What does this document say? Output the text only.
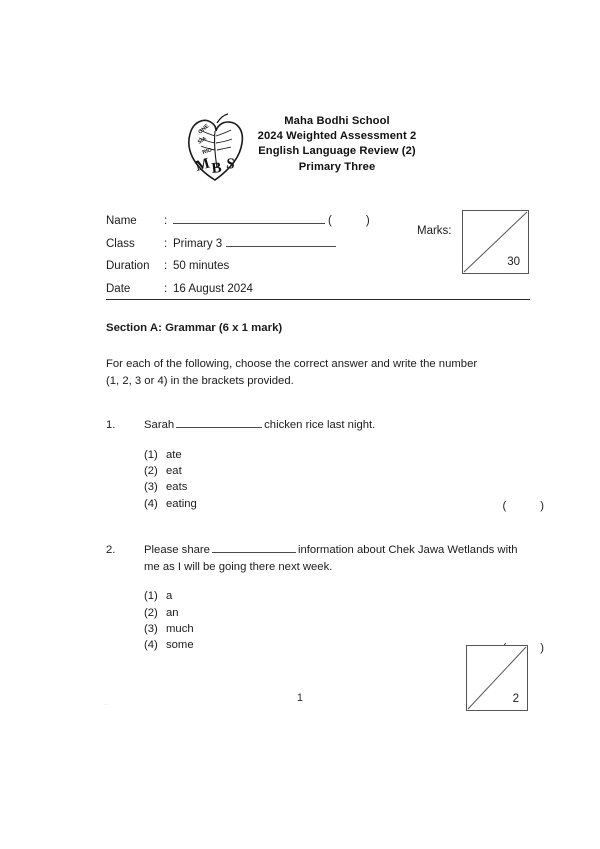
M B S
ONE
SIA
RIO
Maha Bodhi School
2024 Weighted Assessment 2
English Language Review (2)
Primary Three
Name	:	(	)
Class	: Primary 3
Duration	: 50 minutes
Date	: 16 August 2024
Marks:
30
Section A: Grammar (6 x 1 mark)
For each of the following, choose the correct answer and write the number
(1, 2, 3 or 4) in the brackets provided.
1.	Sarah	chicken rice last night.
(1) ate
(2) eat
(3) eats
(4) eating	(	)
2.	Please share	information about Chek Jawa Wetlands with me as I will be going there next week.
(1) a
(2) an
(3) much
(4) some	)
1
..	2
